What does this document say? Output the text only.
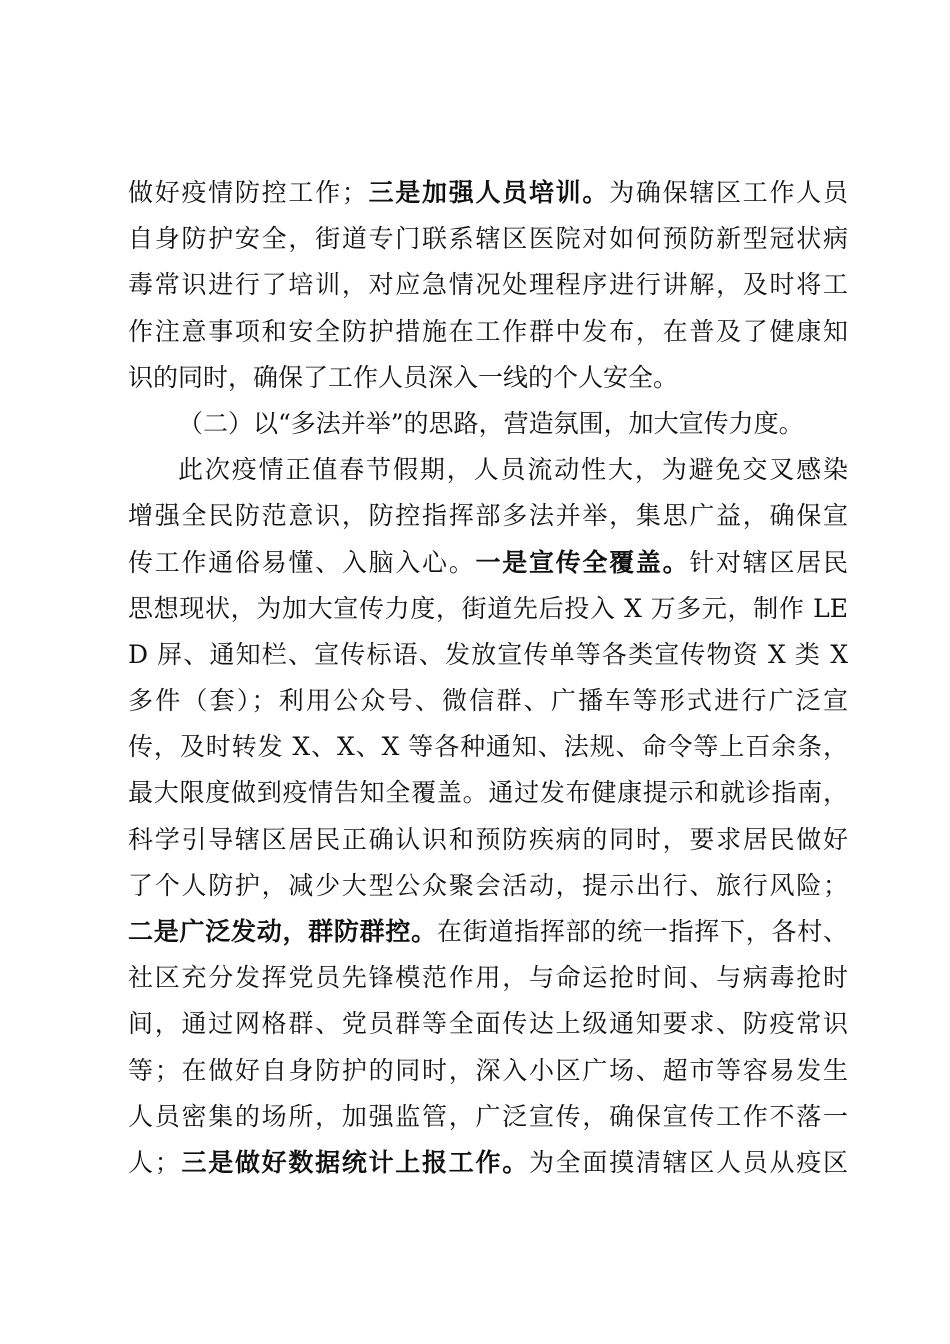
做好疫情防控工作；三是加强人员培训。为确保辖区工作人员
自身防护安全，街道专门联系辖区医院对如何预防新型冠状病
毒常识进行了培训，对应急情况处理程序进行讲解，及时将工
作注意事项和安全防护措施在工作群中发布，在普及了健康知
识的同时，确保了工作人员深入一线的个人安全。
（二）以“多法并举”的思路，营造氛围，加大宣传力度。
此次疫情正值春节假期，人员流动性大，为避免交叉感染
增强全民防范意识，防控指挥部多法并举，集思广益，确保宣
传工作通俗易懂、入脑入心。一是宣传全覆盖。针对辖区居民
思想现状，为加大宣传力度，街道先后投入 X 万多元，制作 LE
D 屏、通知栏、宣传标语、发放宣传单等各类宣传物资 X 类 X
多件（套）；利用公众号、微信群、广播车等形式进行广泛宣
传，及时转发 X、X、X 等各种通知、法规、命令等上百余条，
最大限度做到疫情告知全覆盖。通过发布健康提示和就诊指南，
科学引导辖区居民正确认识和预防疾病的同时，要求居民做好
了个人防护，减少大型公众聚会活动，提示出行、旅行风险；
二是广泛发动，群防群控。在街道指挥部的统一指挥下，各村、
社区充分发挥党员先锋模范作用，与命运抢时间、与病毒抢时
间，通过网格群、党员群等全面传达上级通知要求、防疫常识
等；在做好自身防护的同时，深入小区广场、超市等容易发生
人员密集的场所，加强监管，广泛宣传，确保宣传工作不落一
人；三是做好数据统计上报工作。为全面摸清辖区人员从疫区
